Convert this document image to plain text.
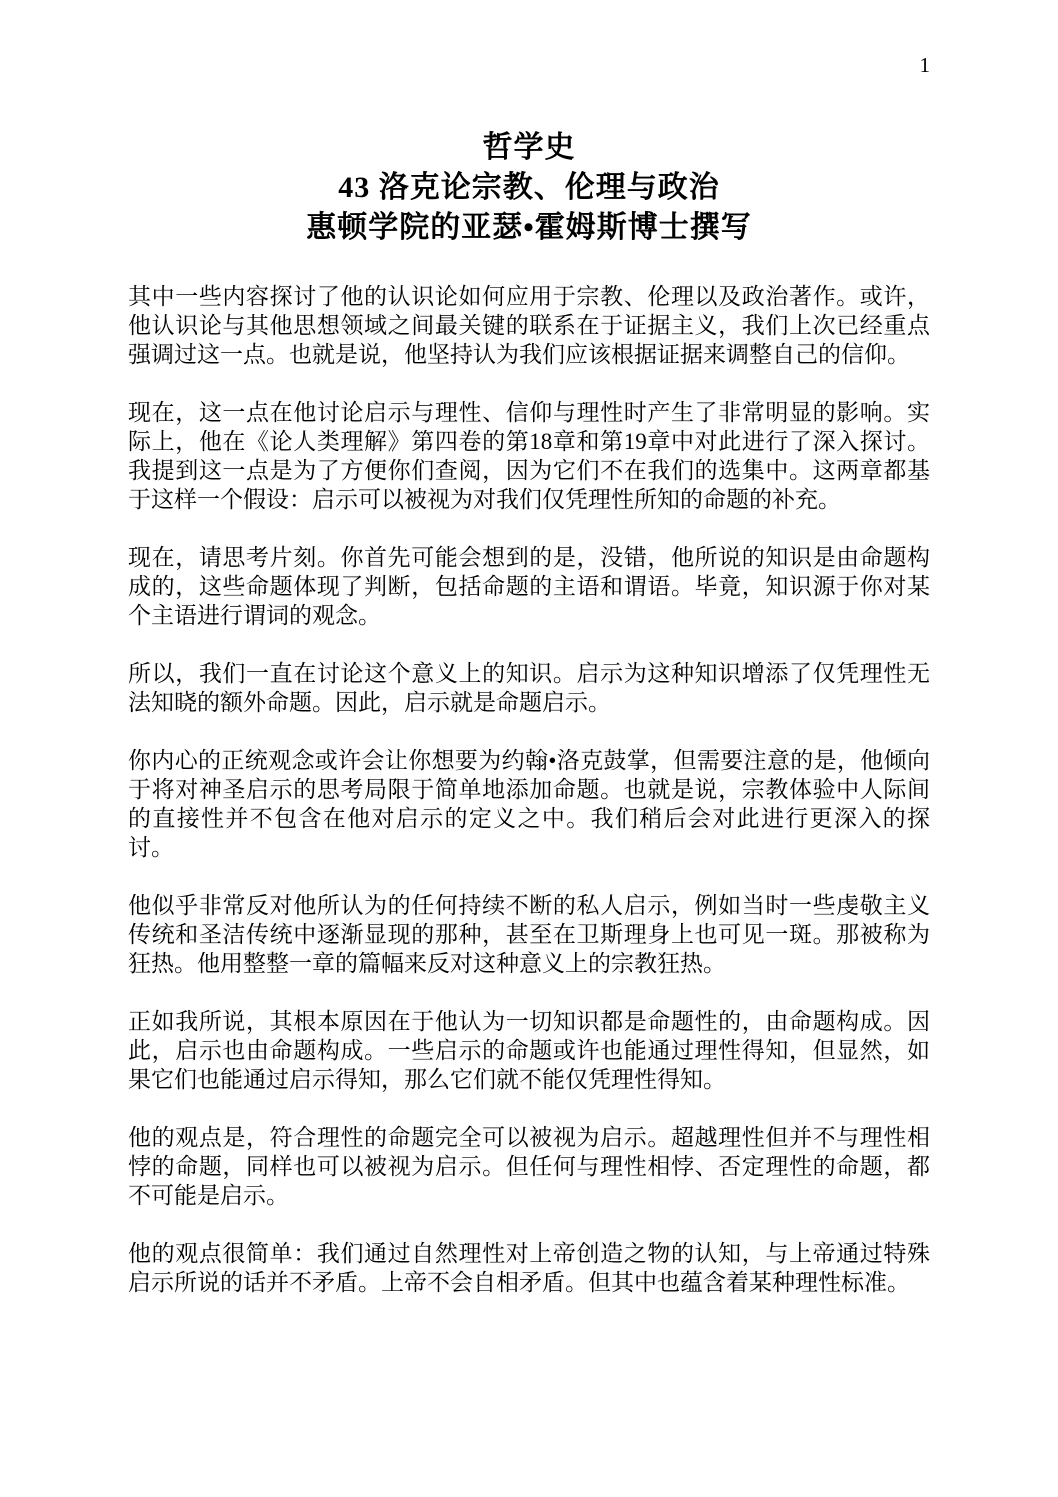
1
哲学史
43 洛克论宗教、伦理与政治
惠顿学院的亚瑟•霍姆斯博士撰写

其中一些内容探讨了他的认识论如何应用于宗教、伦理以及政治著作。或许，他认识论与其他思想领域之间最关键的联系在于证据主义，我们上次已经重点强调过这一点。也就是说，他坚持认为我们应该根据证据来调整自己的信仰。

现在，这一点在他讨论启示与理性、信仰与理性时产生了非常明显的影响。实际上，他在《论人类理解》第四卷的第18章和第19章中对此进行了深入探讨。我提到这一点是为了方便你们查阅，因为它们不在我们的选集中。这两章都基于这样一个假设：启示可以被视为对我们仅凭理性所知的命题的补充。

现在，请思考片刻。你首先可能会想到的是，没错，他所说的知识是由命题构成的，这些命题体现了判断，包括命题的主语和谓语。毕竟，知识源于你对某个主语进行谓词的观念。

所以，我们一直在讨论这个意义上的知识。启示为这种知识增添了仅凭理性无法知晓的额外命题。因此，启示就是命题启示。

你内心的正统观念或许会让你想要为约翰•洛克鼓掌，但需要注意的是，他倾向于将对神圣启示的思考局限于简单地添加命题。也就是说，宗教体验中人际间的直接性并不包含在他对启示的定义之中。我们稍后会对此进行更深入的探讨。

他似乎非常反对他所认为的任何持续不断的私人启示，例如当时一些虔敬主义传统和圣洁传统中逐渐显现的那种，甚至在卫斯理身上也可见一斑。那被称为狂热。他用整整一章的篇幅来反对这种意义上的宗教狂热。

正如我所说，其根本原因在于他认为一切知识都是命题性的，由命题构成。因此，启示也由命题构成。一些启示的命题或许也能通过理性得知，但显然，如果它们也能通过启示得知，那么它们就不能仅凭理性得知。

他的观点是，符合理性的命题完全可以被视为启示。超越理性但并不与理性相悖的命题，同样也可以被视为启示。但任何与理性相悖、否定理性的命题，都不可能是启示。

他的观点很简单：我们通过自然理性对上帝创造之物的认知，与上帝通过特殊启示所说的话并不矛盾。上帝不会自相矛盾。但其中也蕴含着某种理性标准。
